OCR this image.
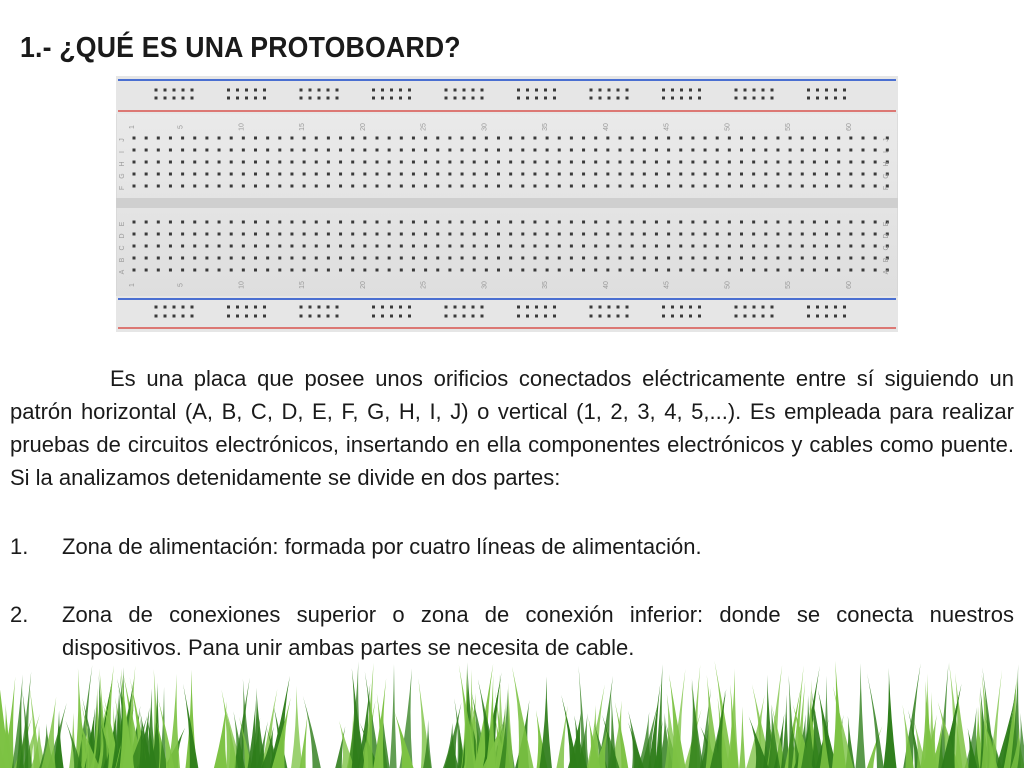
1.- ¿QUÉ ES UNA PROTOBOARD?
1
1
5
5
10
10
15
15
20
20
25
25
30
30
35
35
40
40
45
45
50
50
55
55
60
60
J	J
I	I
H	H
G	G
F	F
E	E
D	D
C	C
B	B
A	A

Es una placa que posee unos orificios conectados eléctricamente entre sí siguiendo un patrón horizontal (A, B, C, D, E, F, G, H, I, J) o vertical (1, 2, 3, 4, 5,...). Es empleada para realizar pruebas de circuitos electrónicos, insertando en ella componentes electrónicos y cables como puente. Si la analizamos detenidamente se divide en dos partes:

1. Zona de alimentación: formada por cuatro líneas de alimentación.
2. Zona de conexiones superior o zona de conexión inferior: donde se conecta nuestros dispositivos. Pana unir ambas partes se necesita de cable.
